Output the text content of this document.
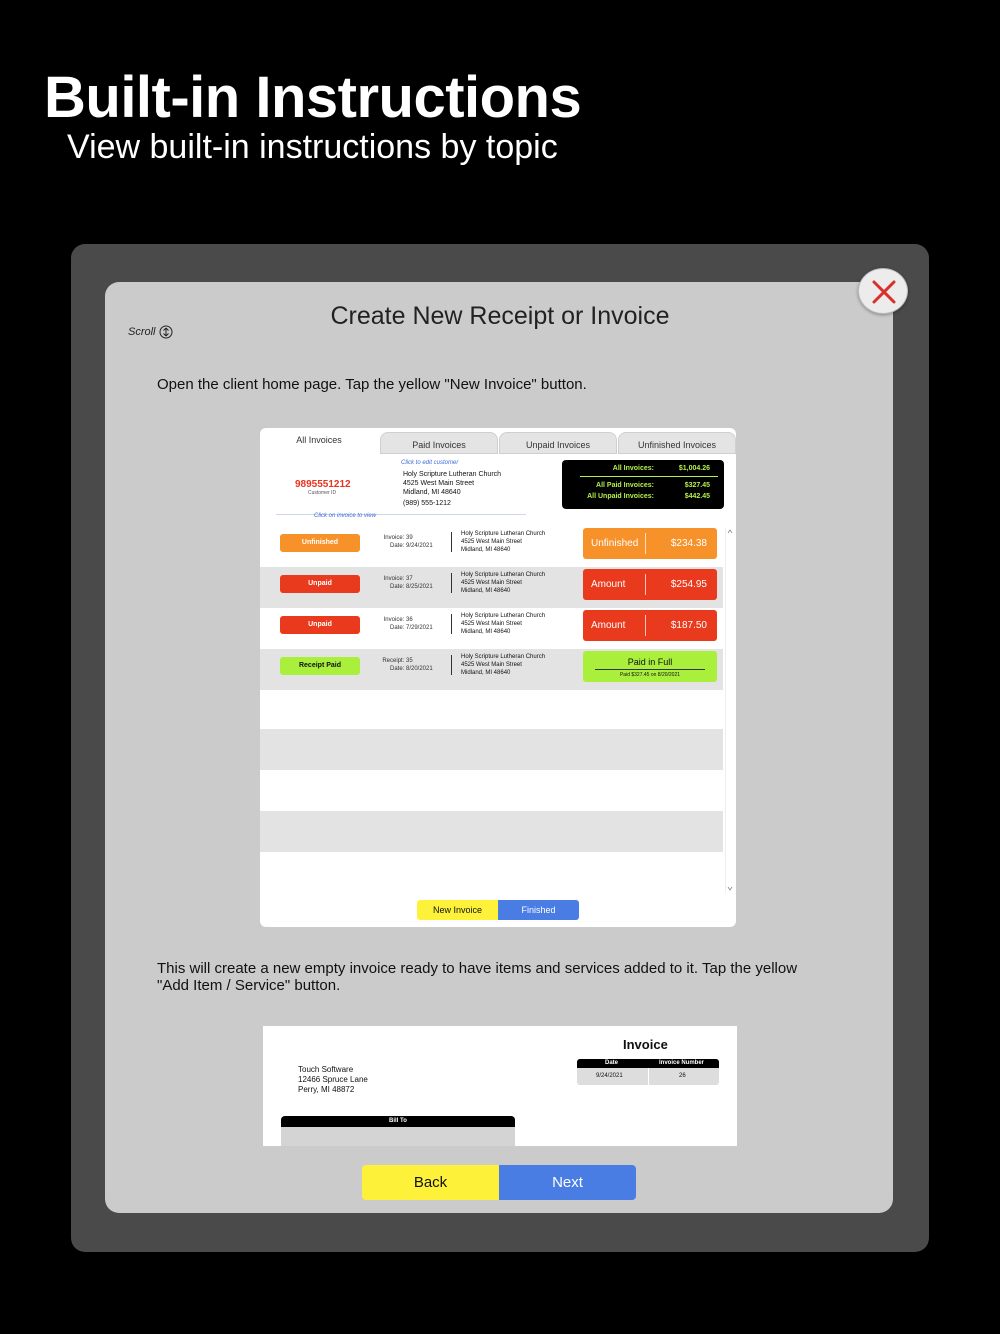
Built-in Instructions
View built-in instructions by topic
Scroll
Create New Receipt or Invoice
Open the client home page. Tap the yellow "New Invoice" button.
All Invoices	Paid Invoices	Unpaid Invoices	Unfinished Invoices
Click to edit customer
9895551212
Customer ID
Holy Scripture Lutheran Church
4525 West Main Street
Midland, MI 48640
(989) 555-1212
All Invoices:	$1,004.26
All Paid Invoices:	$327.45
All Unpaid Invoices:	$442.45
Click on invoice to view
Unfinished
Invoice: 39
Date: 9/24/2021
Holy Scripture Lutheran Church
4525 West Main Street
Midland, MI 48640
Unfinished	$234.38
Unpaid
Invoice: 37
Date: 8/25/2021
Holy Scripture Lutheran Church
4525 West Main Street
Midland, MI 48640
Amount	$254.95
Unpaid
Invoice: 36
Date: 7/29/2021
Holy Scripture Lutheran Church
4525 West Main Street
Midland, MI 48640
Amount	$187.50
Receipt Paid
Receipt: 35
Date: 8/20/2021
Holy Scripture Lutheran Church
4525 West Main Street
Midland, MI 48640
Paid in Full
Paid $327.45 on 8/20/2021
New Invoice	Finished
This will create a new empty invoice ready to have items and services added to it. Tap the yellow "Add Item / Service" button.
Invoice
Date	Invoice Number
9/24/2021	26
Touch Software
12466 Spruce Lane
Perry, MI 48872
Bill To
Back	Next
